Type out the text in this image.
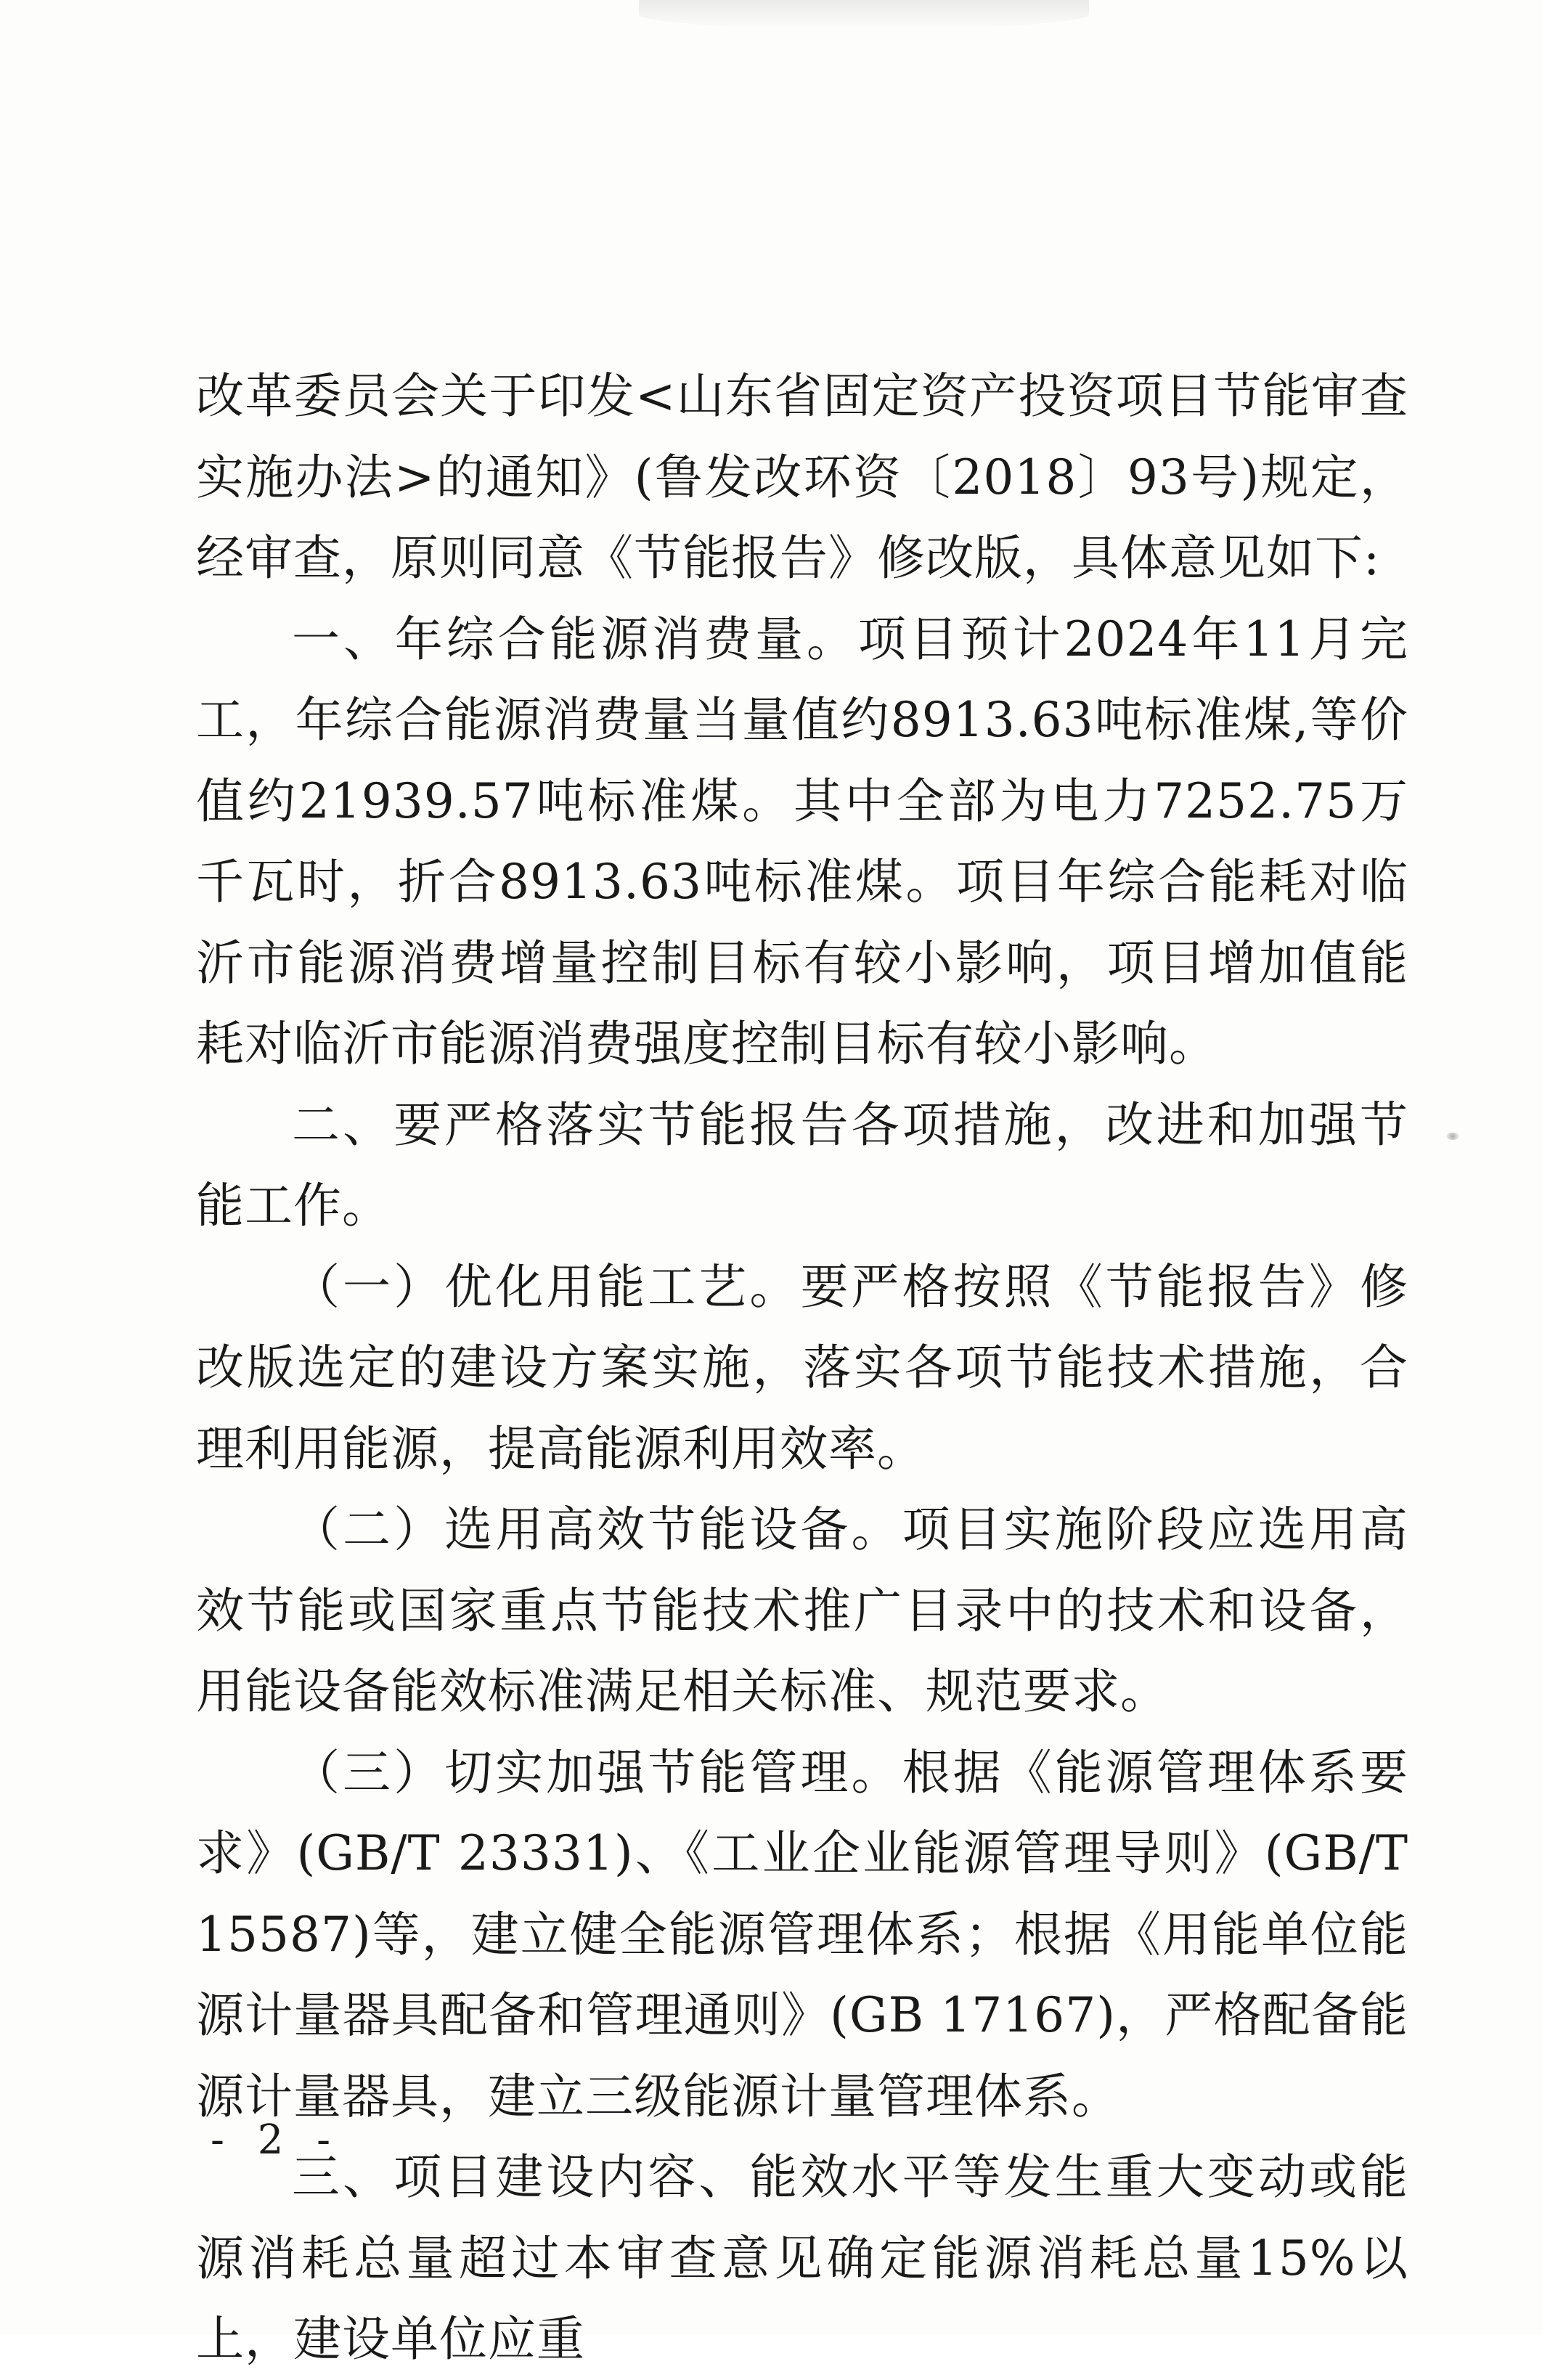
改革委员会关于印发<山东省固定资产投资项目节能审查实施办法>的通知》(鲁发改环资〔2018〕93号)规定，经审查，原则同意《节能报告》修改版，具体意见如下:

一、年综合能源消费量。项目预计2024年11月完工，年综合能源消费量当量值约8913.63吨标准煤,等价值约21939.57吨标准煤。其中全部为电力7252.75万千瓦时，折合8913.63吨标准煤。项目年综合能耗对临沂市能源消费增量控制目标有较小影响，项目增加值能耗对临沂市能源消费强度控制目标有较小影响。

二、要严格落实节能报告各项措施，改进和加强节能工作。

（一）优化用能工艺。要严格按照《节能报告》修改版选定的建设方案实施，落实各项节能技术措施，合理利用能源，提高能源利用效率。

（二）选用高效节能设备。项目实施阶段应选用高效节能或国家重点节能技术推广目录中的技术和设备，用能设备能效标准满足相关标准、规范要求。

（三）切实加强节能管理。根据《能源管理体系要求》(GB/T 23331)、《工业企业能源管理导则》(GB/T 15587)等，建立健全能源管理体系；根据《用能单位能源计量器具配备和管理通则》(GB 17167)，严格配备能源计量器具，建立三级能源计量管理体系。

三、项目建设内容、能效水平等发生重大变动或能源消耗总量超过本审查意见确定能源消耗总量15%以上，建设单位应重

- 2 -
